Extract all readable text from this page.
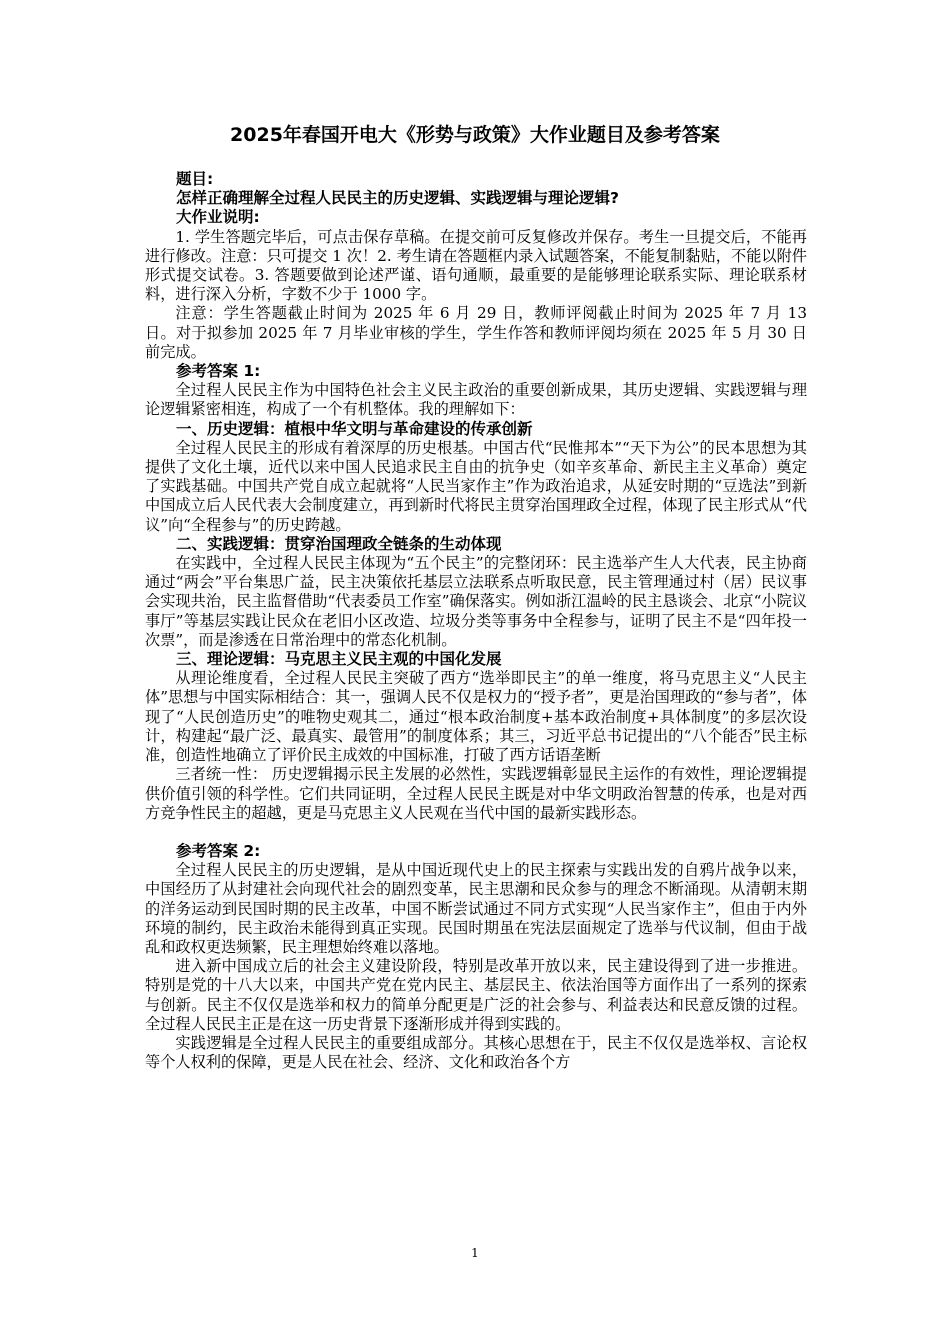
2025年春国开电大《形势与政策》大作业题目及参考答案

题目:

怎样正确理解全过程人民民主的历史逻辑、实践逻辑与理论逻辑?

大作业说明:

1. 学生答题完毕后，可点击保存草稿。在提交前可反复修改并保存。考生一旦提交后，不能再进行修改。注意：只可提交 1 次！2. 考生请在答题框内录入试题答案，不能复制黏贴，不能以附件形式提交试卷。3. 答题要做到论述严谨、语句通顺，最重要的是能够理论联系实际、理论联系材料，进行深入分析，字数不少于 1000 字。

注意：学生答题截止时间为 2025 年 6 月 29 日，教师评阅截止时间为 2025 年 7 月 13 日。对于拟参加 2025 年 7 月毕业审核的学生，学生作答和教师评阅均须在 2025 年 5 月 30 日前完成。

参考答案 1:

全过程人民民主作为中国特色社会主义民主政治的重要创新成果，其历史逻辑、实践逻辑与理论逻辑紧密相连，构成了一个有机整体。我的理解如下：

一、历史逻辑：植根中华文明与革命建设的传承创新

全过程人民民主的形成有着深厚的历史根基。中国古代“民惟邦本”“天下为公”的民本思想为其提供了文化土壤，近代以来中国人民追求民主自由的抗争史（如辛亥革命、新民主主义革命）奠定了实践基础。中国共产党自成立起就将“人民当家作主”作为政治追求，从延安时期的“豆选法”到新中国成立后人民代表大会制度建立，再到新时代将民主贯穿治国理政全过程，体现了民主形式从“代议”向“全程参与”的历史跨越。

二、实践逻辑：贯穿治国理政全链条的生动体现

在实践中，全过程人民民主体现为“五个民主”的完整闭环：民主选举产生人大代表，民主协商通过“两会”平台集思广益，民主决策依托基层立法联系点听取民意，民主管理通过村（居）民议事会实现共治，民主监督借助“代表委员工作室”确保落实。例如浙江温岭的民主恳谈会、北京“小院议事厅”等基层实践让民众在老旧小区改造、垃圾分类等事务中全程参与，证明了民主不是“四年投一次票”，而是渗透在日常治理中的常态化机制。

三、理论逻辑：马克思主义民主观的中国化发展

从理论维度看，全过程人民民主突破了西方“选举即民主”的单一维度，将马克思主义“人民主体”思想与中国实际相结合：其一，强调人民不仅是权力的“授予者”，更是治国理政的“参与者”，体现了“人民创造历史”的唯物史观其二，通过“根本政治制度+基本政治制度+具体制度”的多层次设计，构建起“最广泛、最真实、最管用”的制度体系；其三，习近平总书记提出的“八个能否”民主标准，创造性地确立了评价民主成效的中国标准，打破了西方话语垄断

三者统一性： 历史逻辑揭示民主发展的必然性，实践逻辑彰显民主运作的有效性，理论逻辑提供价值引领的科学性。它们共同证明，全过程人民民主既是对中华文明政治智慧的传承，也是对西方竞争性民主的超越，更是马克思主义人民观在当代中国的最新实践形态。

参考答案 2:

全过程人民民主的历史逻辑，是从中国近现代史上的民主探索与实践出发的自鸦片战争以来，中国经历了从封建社会向现代社会的剧烈变革，民主思潮和民众参与的理念不断涌现。从清朝末期的洋务运动到民国时期的民主改革，中国不断尝试通过不同方式实现“人民当家作主”，但由于内外环境的制约，民主政治未能得到真正实现。民国时期虽在宪法层面规定了选举与代议制，但由于战乱和政权更迭频繁，民主理想始终难以落地。

进入新中国成立后的社会主义建设阶段，特别是改革开放以来，民主建设得到了进一步推进。特别是党的十八大以来，中国共产党在党内民主、基层民主、依法治国等方面作出了一系列的探索与创新。民主不仅仅是选举和权力的简单分配更是广泛的社会参与、利益表达和民意反馈的过程。全过程人民民主正是在这一历史背景下逐渐形成并得到实践的。

实践逻辑是全过程人民民主的重要组成部分。其核心思想在于，民主不仅仅是选举权、言论权等个人权利的保障，更是人民在社会、经济、文化和政治各个方

1
